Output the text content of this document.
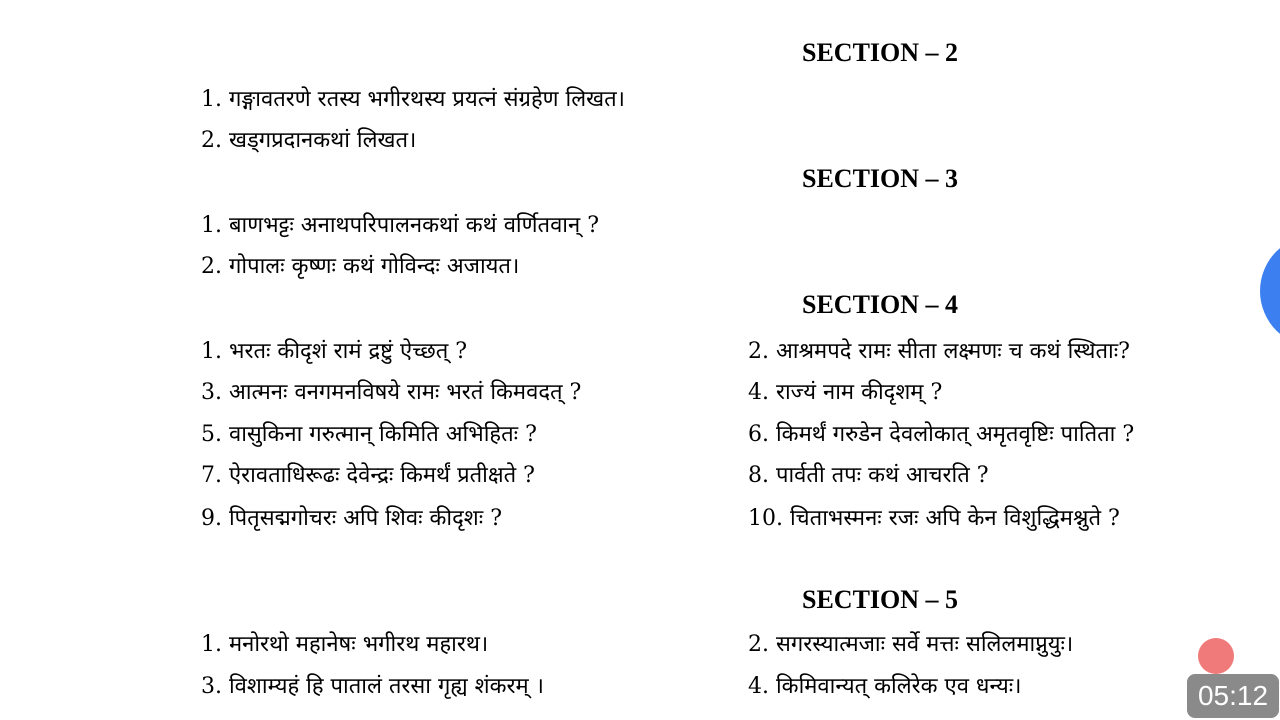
SECTION – 2
1. गङ्गावतरणे रतस्य भगीरथस्य प्रयत्नं संग्रहेण लिखत।
2. खड्गप्रदानकथां लिखत।
SECTION – 3
1. बाणभट्टः अनाथपरिपालनकथां कथं वर्णितवान् ?
2. गोपालः कृष्णः कथं गोविन्दः अजायत।
SECTION – 4
1. भरतः कीदृशं रामं द्रष्टुं ऐच्छत् ?	2. आश्रमपदे रामः सीता लक्ष्मणः च कथं स्थिताः?
3. आत्मनः वनगमनविषये रामः भरतं किमवदत् ?	4. राज्यं नाम कीदृशम् ?
5. वासुकिना गरुत्मान् किमिति अभिहितः ?	6. किमर्थं गरुडेन देवलोकात् अमृतवृष्टिः पातिता ?
7. ऐरावताधिरूढः देवेन्द्रः किमर्थं प्रतीक्षते ?	8. पार्वती तपः कथं आचरति ?
9. पितृसद्मगोचरः अपि शिवः कीदृशः ?	10. चिताभस्मनः रजः अपि केन विशुद्धिमश्नुते ?
SECTION – 5
1. मनोरथो महानेषः भगीरथ महारथ।	2. सगरस्यात्मजाः सर्वे मत्तः सलिलमाप्नुयुः।
3. विशाम्यहं हि पातालं तरसा गृह्य शंकरम् ।	4. किमिवान्यत् कलिरेक एव धन्यः।	05:12
